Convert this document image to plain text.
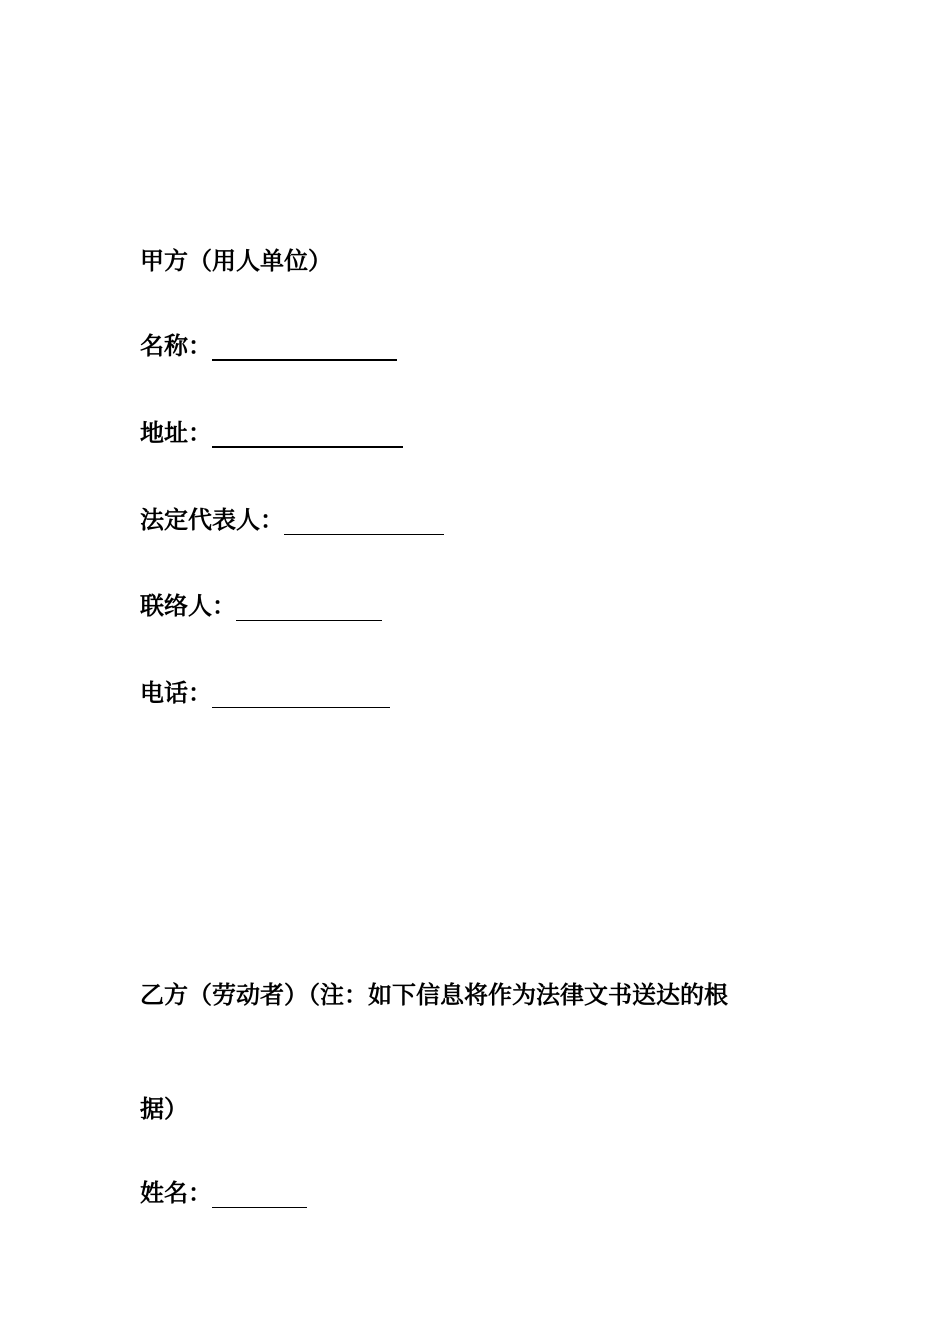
甲方（用人单位）
名称：
地址：
法定代表人：
联络人：
电话：
乙方（劳动者）（注：如下信息将作为法律文书送达的根
据）
姓名：
